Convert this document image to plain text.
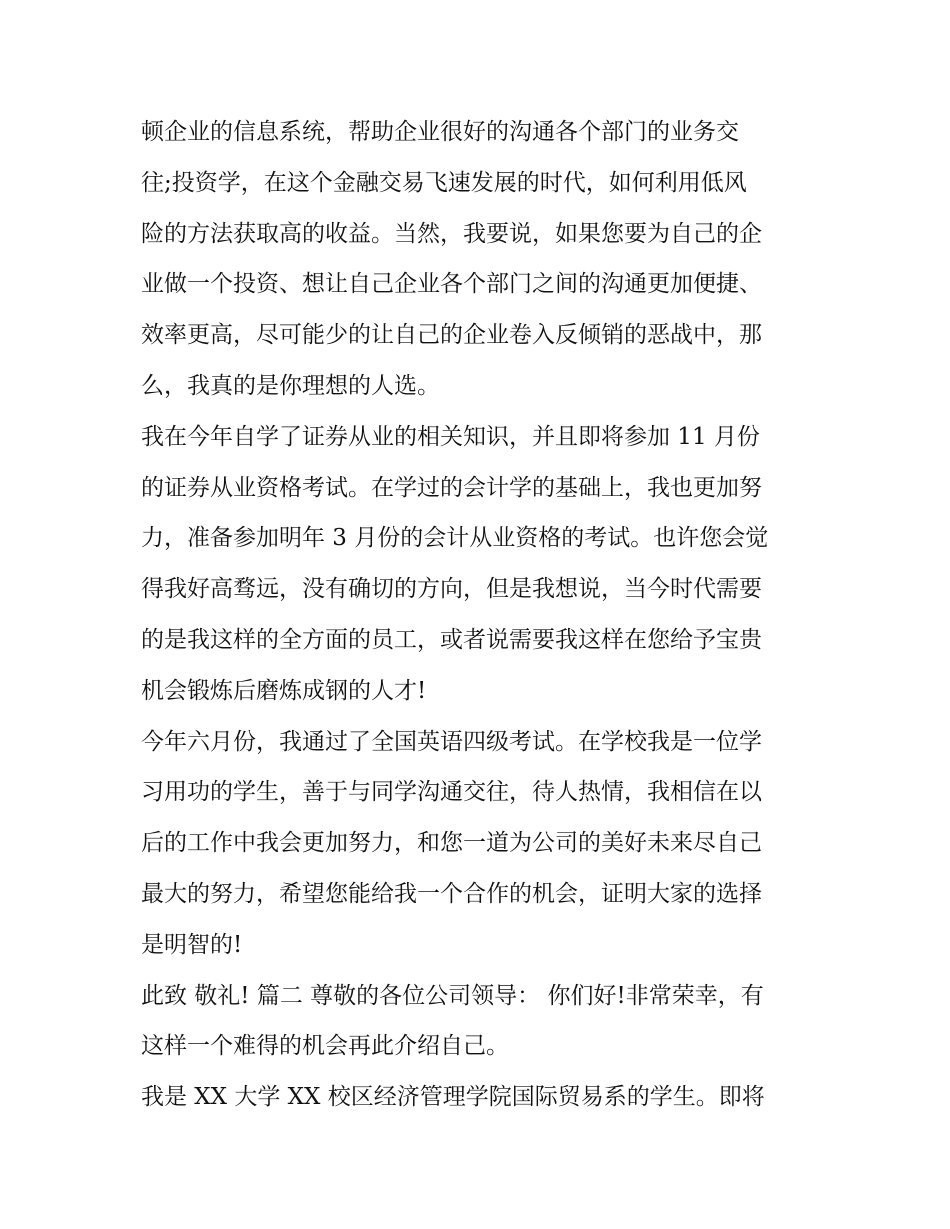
顿企业的信息系统，帮助企业很好的沟通各个部门的业务交
往;投资学，在这个金融交易飞速发展的时代，如何利用低风
险的方法获取高的收益。当然，我要说，如果您要为自己的企
业做一个投资、想让自己企业各个部门之间的沟通更加便捷、
效率更高，尽可能少的让自己的企业卷入反倾销的恶战中，那
么，我真的是你理想的人选。
我在今年自学了证券从业的相关知识，并且即将参加 11 月份
的证券从业资格考试。在学过的会计学的基础上，我也更加努
力，准备参加明年 3 月份的会计从业资格的考试。也许您会觉
得我好高骛远，没有确切的方向，但是我想说，当今时代需要
的是我这样的全方面的员工，或者说需要我这样在您给予宝贵
机会锻炼后磨炼成钢的人才!
今年六月份，我通过了全国英语四级考试。在学校我是一位学
习用功的学生，善于与同学沟通交往，待人热情，我相信在以
后的工作中我会更加努力，和您一道为公司的美好未来尽自己
最大的努力，希望您能给我一个合作的机会，证明大家的选择
是明智的!
此致 敬礼! 篇二 尊敬的各位公司领导： 你们好!非常荣幸，有
这样一个难得的机会再此介绍自己。
我是 XX 大学 XX 校区经济管理学院国际贸易系的学生。即将
